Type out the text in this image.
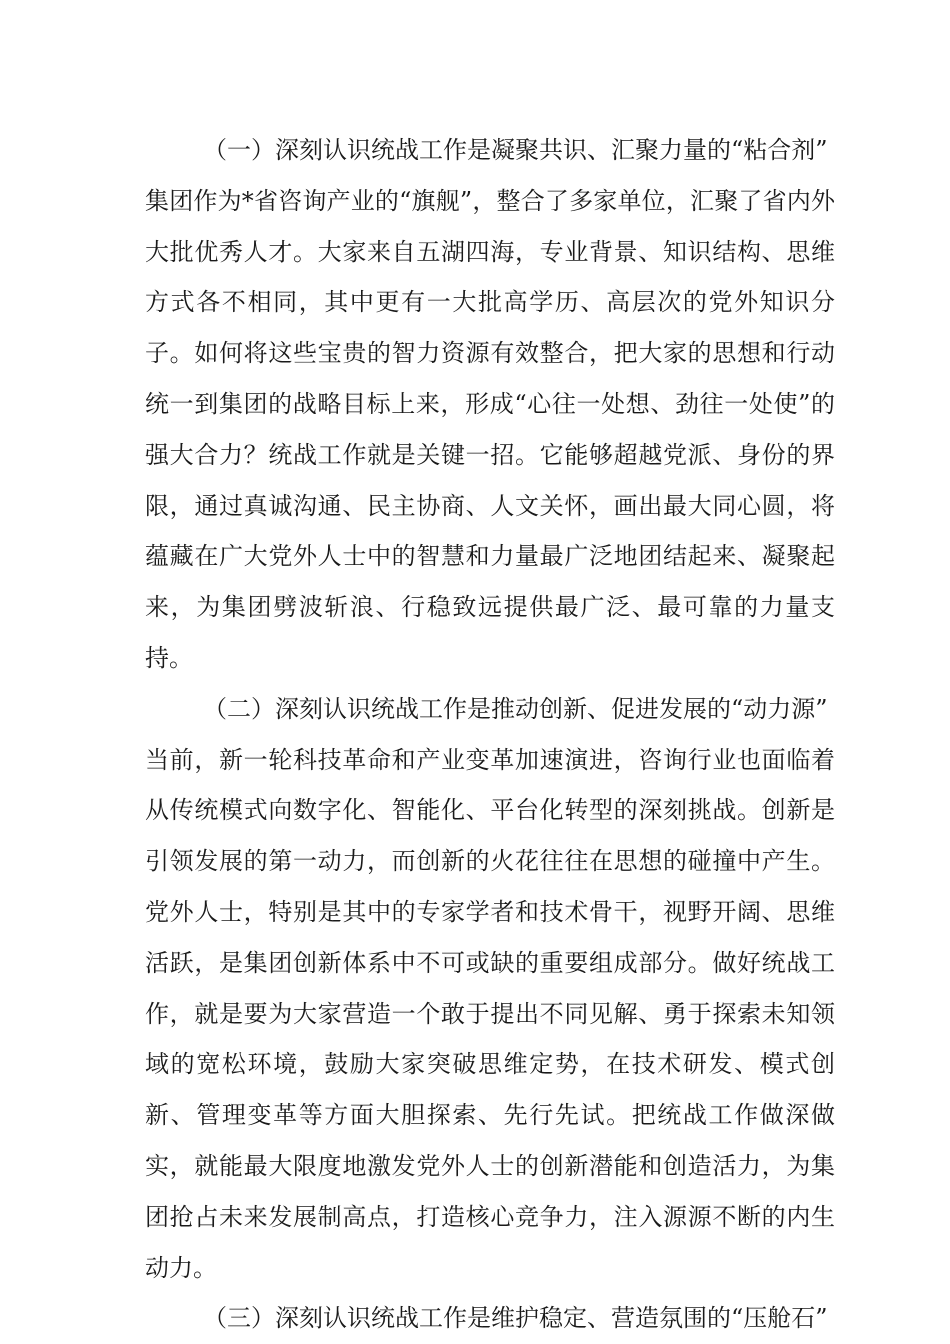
（一）深刻认识统战工作是凝聚共识、汇聚力量的“粘合剂”

集团作为*省咨询产业的“旗舰”，整合了多家单位，汇聚了省内外大批优秀人才。大家来自五湖四海，专业背景、知识结构、思维方式各不相同，其中更有一大批高学历、高层次的党外知识分子。如何将这些宝贵的智力资源有效整合，把大家的思想和行动统一到集团的战略目标上来，形成“心往一处想、劲往一处使”的强大合力？统战工作就是关键一招。它能够超越党派、身份的界限，通过真诚沟通、民主协商、人文关怀，画出最大同心圆，将蕴藏在广大党外人士中的智慧和力量最广泛地团结起来、凝聚起来，为集团劈波斩浪、行稳致远提供最广泛、最可靠的力量支持。

（二）深刻认识统战工作是推动创新、促进发展的“动力源”

当前，新一轮科技革命和产业变革加速演进，咨询行业也面临着从传统模式向数字化、智能化、平台化转型的深刻挑战。创新是引领发展的第一动力，而创新的火花往往在思想的碰撞中产生。党外人士，特别是其中的专家学者和技术骨干，视野开阔、思维活跃，是集团创新体系中不可或缺的重要组成部分。做好统战工作，就是要为大家营造一个敢于提出不同见解、勇于探索未知领域的宽松环境，鼓励大家突破思维定势，在技术研发、模式创新、管理变革等方面大胆探索、先行先试。把统战工作做深做实，就能最大限度地激发党外人士的创新潜能和创造活力，为集团抢占未来发展制高点，打造核心竞争力，注入源源不断的内生动力。

（三）深刻认识统战工作是维护稳定、营造氛围的“压舱石”
